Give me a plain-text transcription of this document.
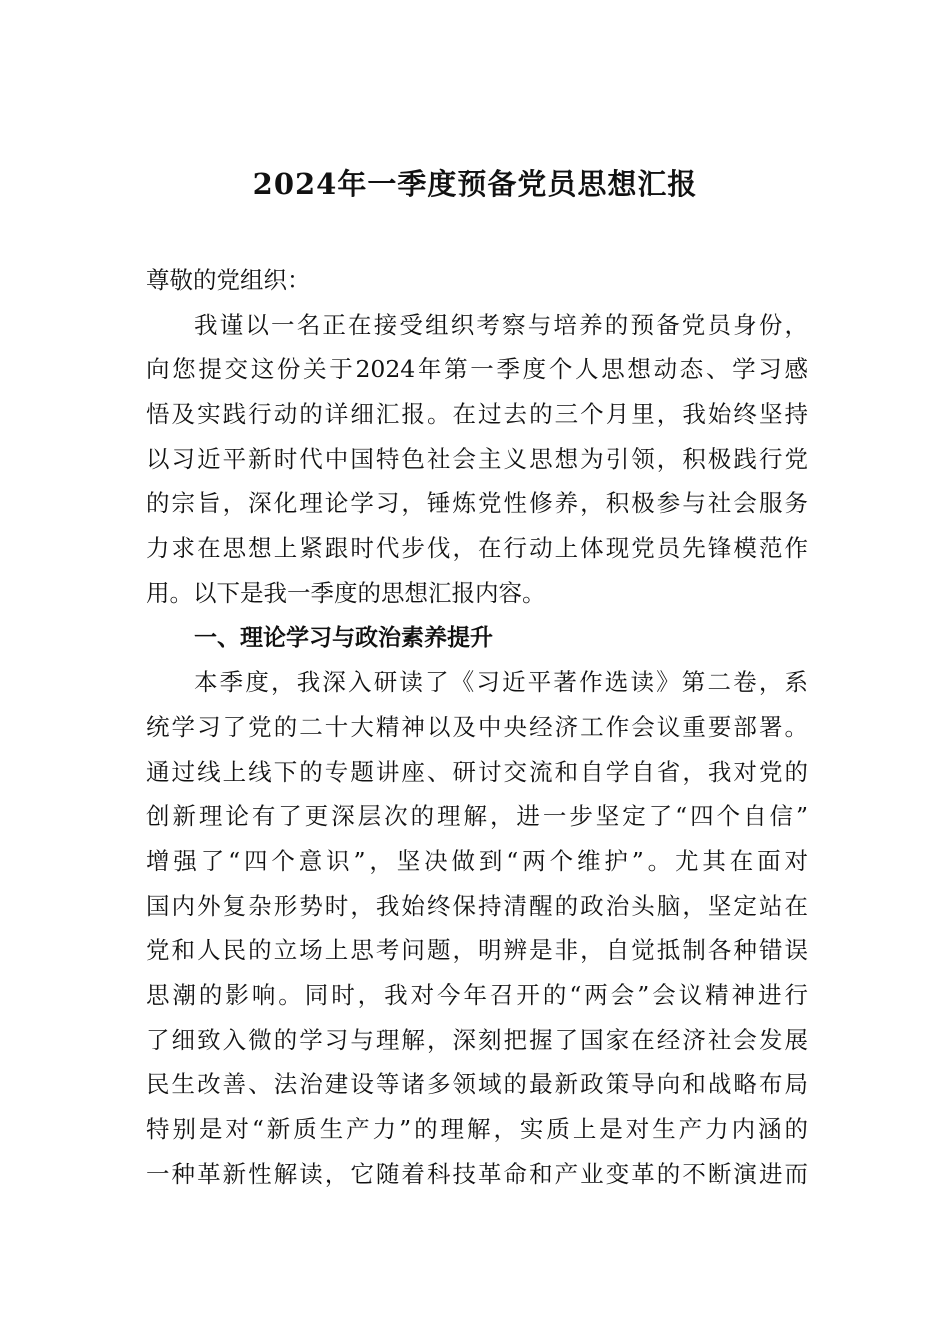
2024年一季度预备党员思想汇报
尊敬的党组织：
我谨以一名正在接受组织考察与培养的预备党员身份，
向您提交这份关于2024年第一季度个人思想动态、学习感
悟及实践行动的详细汇报。在过去的三个月里，我始终坚持
以习近平新时代中国特色社会主义思想为引领，积极践行党
的宗旨，深化理论学习，锤炼党性修养，积极参与社会服务
力求在思想上紧跟时代步伐，在行动上体现党员先锋模范作
用。以下是我一季度的思想汇报内容。
一、理论学习与政治素养提升
本季度，我深入研读了《习近平著作选读》第二卷，系
统学习了党的二十大精神以及中央经济工作会议重要部署。
通过线上线下的专题讲座、研讨交流和自学自省，我对党的
创新理论有了更深层次的理解，进一步坚定了“四个自信”
增强了“四个意识”，坚决做到“两个维护”。尤其在面对
国内外复杂形势时，我始终保持清醒的政治头脑，坚定站在
党和人民的立场上思考问题，明辨是非，自觉抵制各种错误
思潮的影响。同时，我对今年召开的“两会”会议精神进行
了细致入微的学习与理解，深刻把握了国家在经济社会发展
民生改善、法治建设等诸多领域的最新政策导向和战略布局
特别是对“新质生产力”的理解，实质上是对生产力内涵的
一种革新性解读，它随着科技革命和产业变革的不断演进而
